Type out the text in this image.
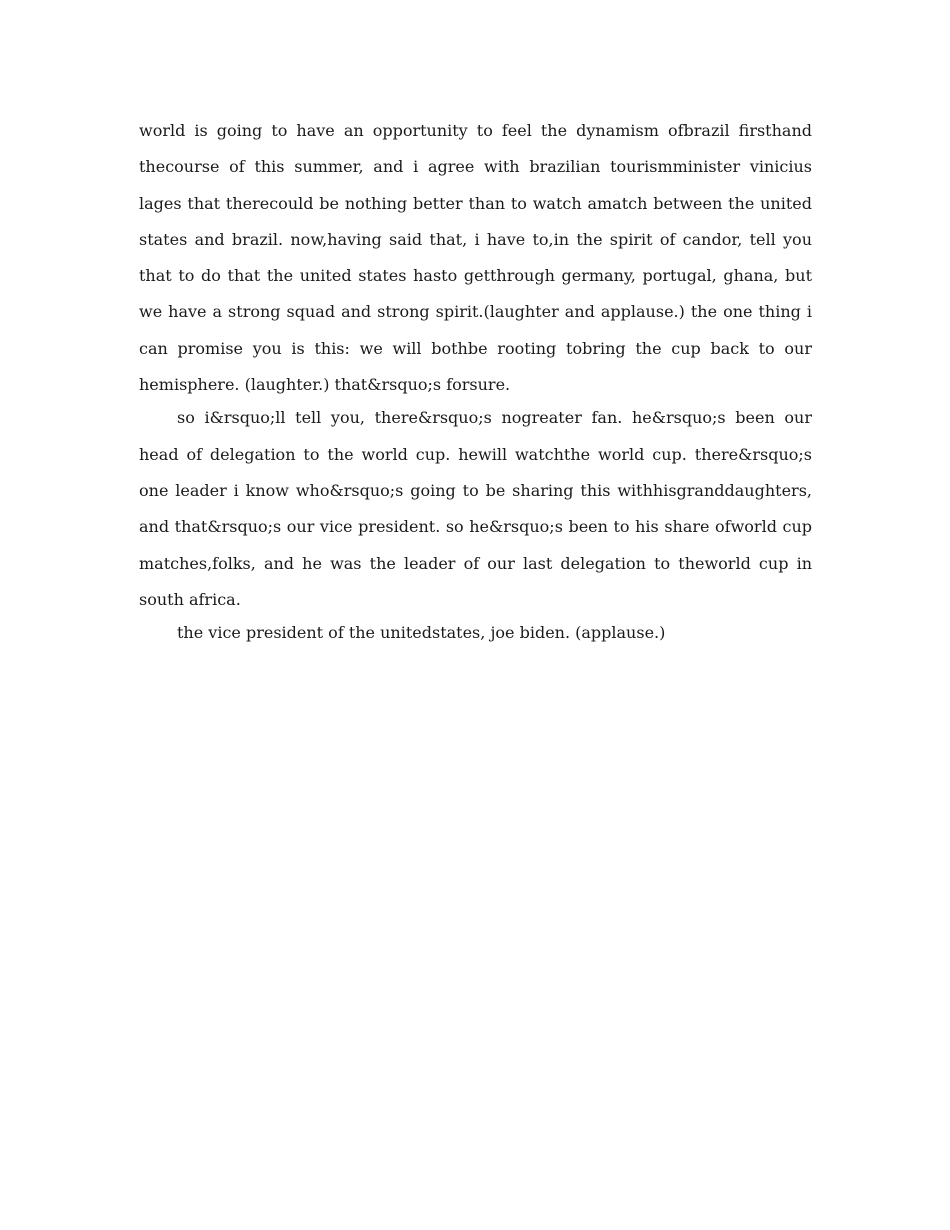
world is going to have an opportunity to feel the dynamism ofbrazil firsthand thecourse of this summer, and i agree with brazilian tourismminister vinicius lages that therecould be nothing better than to watch amatch between the united states and brazil. now,having said that, i have to,in the spirit of candor, tell you that to do that the united states hasto getthrough germany, portugal, ghana, but we have a strong squad and strong spirit.(laughter and applause.) the one thing i can promise you is this: we will bothbe rooting tobring the cup back to our hemisphere. (laughter.) that&rsquo;s forsure.

so i&rsquo;ll tell you, there&rsquo;s nogreater fan. he&rsquo;s been our head of delegation to the world cup. hewill watchthe world cup. there&rsquo;s one leader i know who&rsquo;s going to be sharing this withhisgranddaughters, and that&rsquo;s our vice president. so he&rsquo;s been to his share ofworld cup matches,folks, and he was the leader of our last delegation to theworld cup in south africa.

the vice president of the unitedstates, joe biden. (applause.)
